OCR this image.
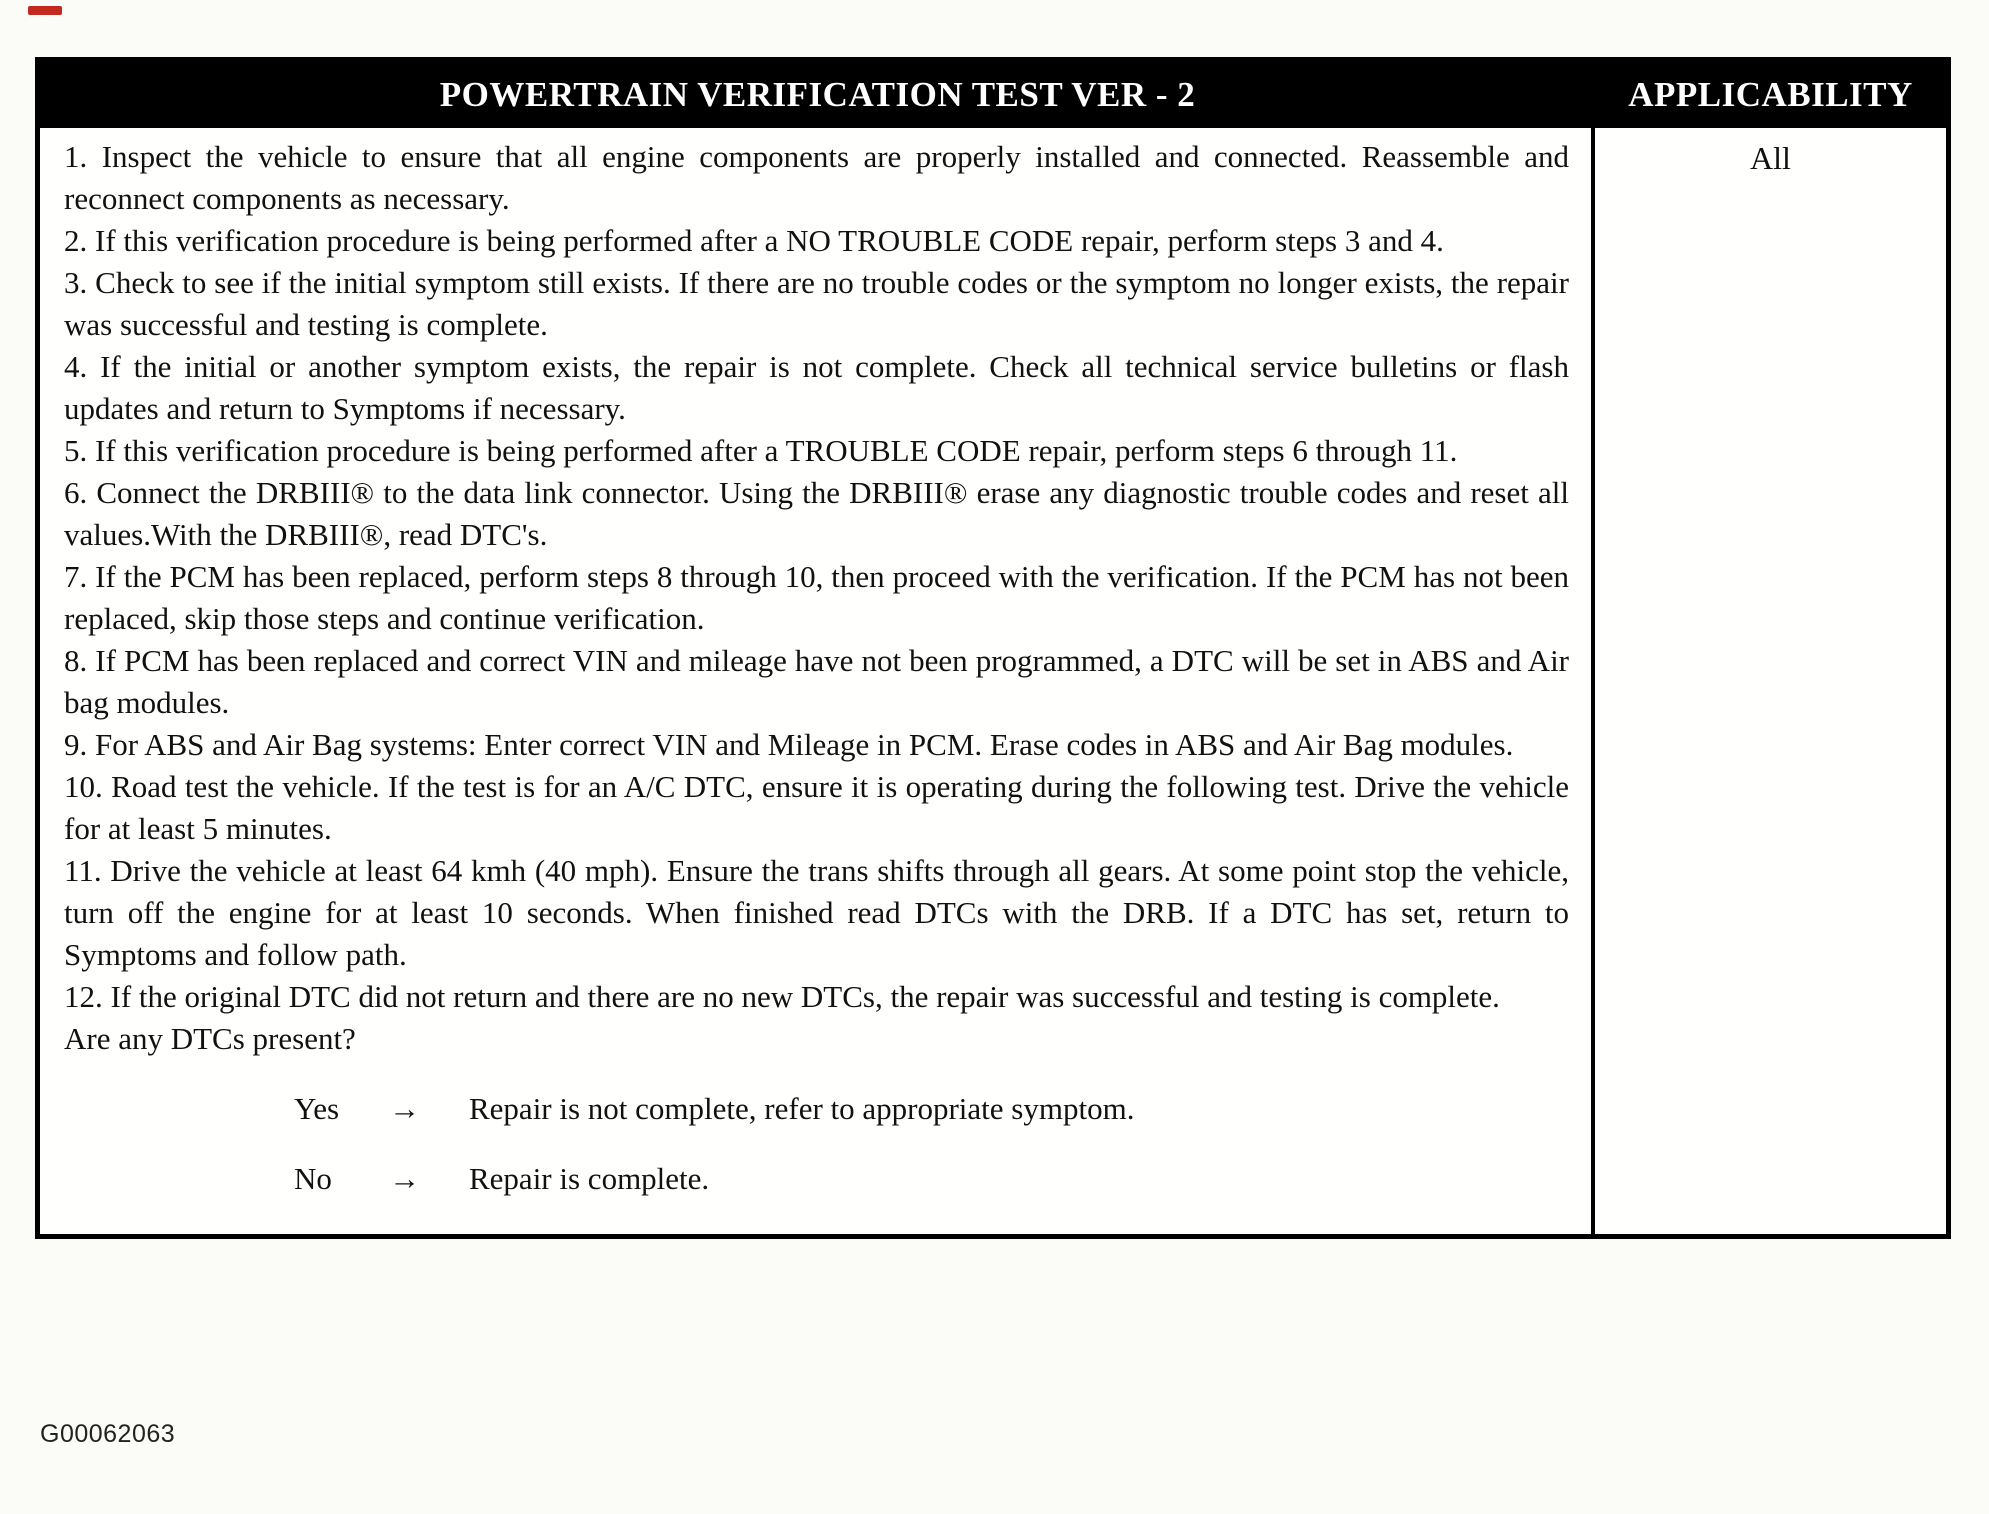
POWERTRAIN VERIFICATION TEST VER - 2	APPLICABILITY

1. Inspect the vehicle to ensure that all engine components are properly installed and connected. Reassemble and reconnect components as necessary.

2. If this verification procedure is being performed after a NO TROUBLE CODE repair, perform steps 3 and 4.

3. Check to see if the initial symptom still exists. If there are no trouble codes or the symptom no longer exists, the repair was successful and testing is complete.

4. If the initial or another symptom exists, the repair is not complete. Check all technical service bulletins or flash updates and return to Symptoms if necessary.

5. If this verification procedure is being performed after a TROUBLE CODE repair, perform steps 6 through 11.

6. Connect the DRBIII® to the data link connector. Using the DRBIII® erase any diagnostic trouble codes and reset all values.With the DRBIII®, read DTC's.

7. If the PCM has been replaced, perform steps 8 through 10, then proceed with the verification. If the PCM has not been replaced, skip those steps and continue verification.

8. If PCM has been replaced and correct VIN and mileage have not been programmed, a DTC will be set in ABS and Air bag modules.

9. For ABS and Air Bag systems: Enter correct VIN and Mileage in PCM. Erase codes in ABS and Air Bag modules.

10. Road test the vehicle. If the test is for an A/C DTC, ensure it is operating during the following test. Drive the vehicle for at least 5 minutes.

11. Drive the vehicle at least 64 kmh (40 mph). Ensure the trans shifts through all gears. At some point stop the vehicle, turn off the engine for at least 10 seconds. When finished read DTCs with the DRB. If a DTC has set, return to Symptoms and follow path.

12. If the original DTC did not return and there are no new DTCs, the repair was successful and testing is complete.

Are any DTCs present?

Yes	→	Repair is not complete, refer to appropriate symptom.
No	→	Repair is complete.
All
G00062063
